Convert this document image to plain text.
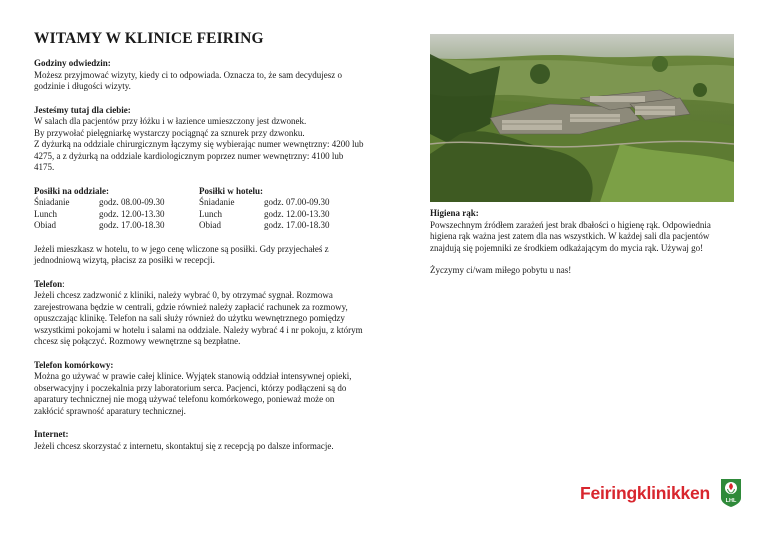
WITAMY W KLINICE FEIRING
Godziny odwiedzin:

Możesz przyjmować wizyty, kiedy ci to odpowiada. Oznacza to, że sam decydujesz o godzinie i długości wizyty.

Jesteśmy tutaj dla ciebie:

W salach dla pacjentów przy łóżku i w łazience umieszczony jest dzwonek.

By przywołać pielęgniarkę wystarczy pociągnąć za sznurek przy dzwonku.

Z dyżurką na oddziale chirurgicznym łączymy się wybierając numer wewnętrzny: 4200 lub 4275, a z dyżurką na oddziale kardiologicznym poprzez numer wewnętrzny: 4100 lub 4175.

Posiłki na oddziale:
Śniadanie	godz. 08.00-09.30
Lunch	godz. 12.00-13.30
Obiad	godz. 17.00-18.30
Posiłki w hotelu:
Śniadanie	godz. 07.00-09.30
Lunch	godz. 12.00-13.30
Obiad	godz. 17.00-18.30

Jeżeli mieszkasz w hotelu, to w jego cenę wliczone są posiłki. Gdy przyjechałeś z jednodniową wizytą, płacisz za posiłki w recepcji.

Telefon:

Jeżeli chcesz zadzwonić z kliniki, należy wybrać 0, by otrzymać sygnał. Rozmowa zarejestrowana będzie w centrali, gdzie również należy zapłacić rachunek za rozmowy, opuszczając klinikę. Telefon na sali służy również do użytku wewnętrznego pomiędzy wszystkimi pokojami w hotelu i salami na oddziale. Należy wybrać 4 i nr pokoju, z którym chcesz się połączyć. Rozmowy wewnętrzne są bezpłatne.

Telefon komórkowy:

Można go używać w prawie całej klinice. Wyjątek stanowią oddział intensywnej opieki, obserwacyjny i poczekalnia przy laboratorium serca. Pacjenci, którzy podłączeni są do aparatury technicznej nie mogą używać telefonu komórkowego, ponieważ może on zakłócić sprawność aparatury technicznej.

Internet:

Jeżeli chcesz skorzystać z internetu, skontaktuj się z recepcją po dalsze informacje.

Higiena rąk:
Powszechnym źródłem zarażeń jest brak dbałości o higienę rąk. Odpowiednia higiena rąk ważna jest zatem dla nas wszystkich. W każdej sali dla pacjentów znajdują się pojemniki ze środkiem odkażającym do mycia rąk. Używaj go!

Życzymy ci/wam miłego pobytu u nas!

Feiringklinikken	LHL
